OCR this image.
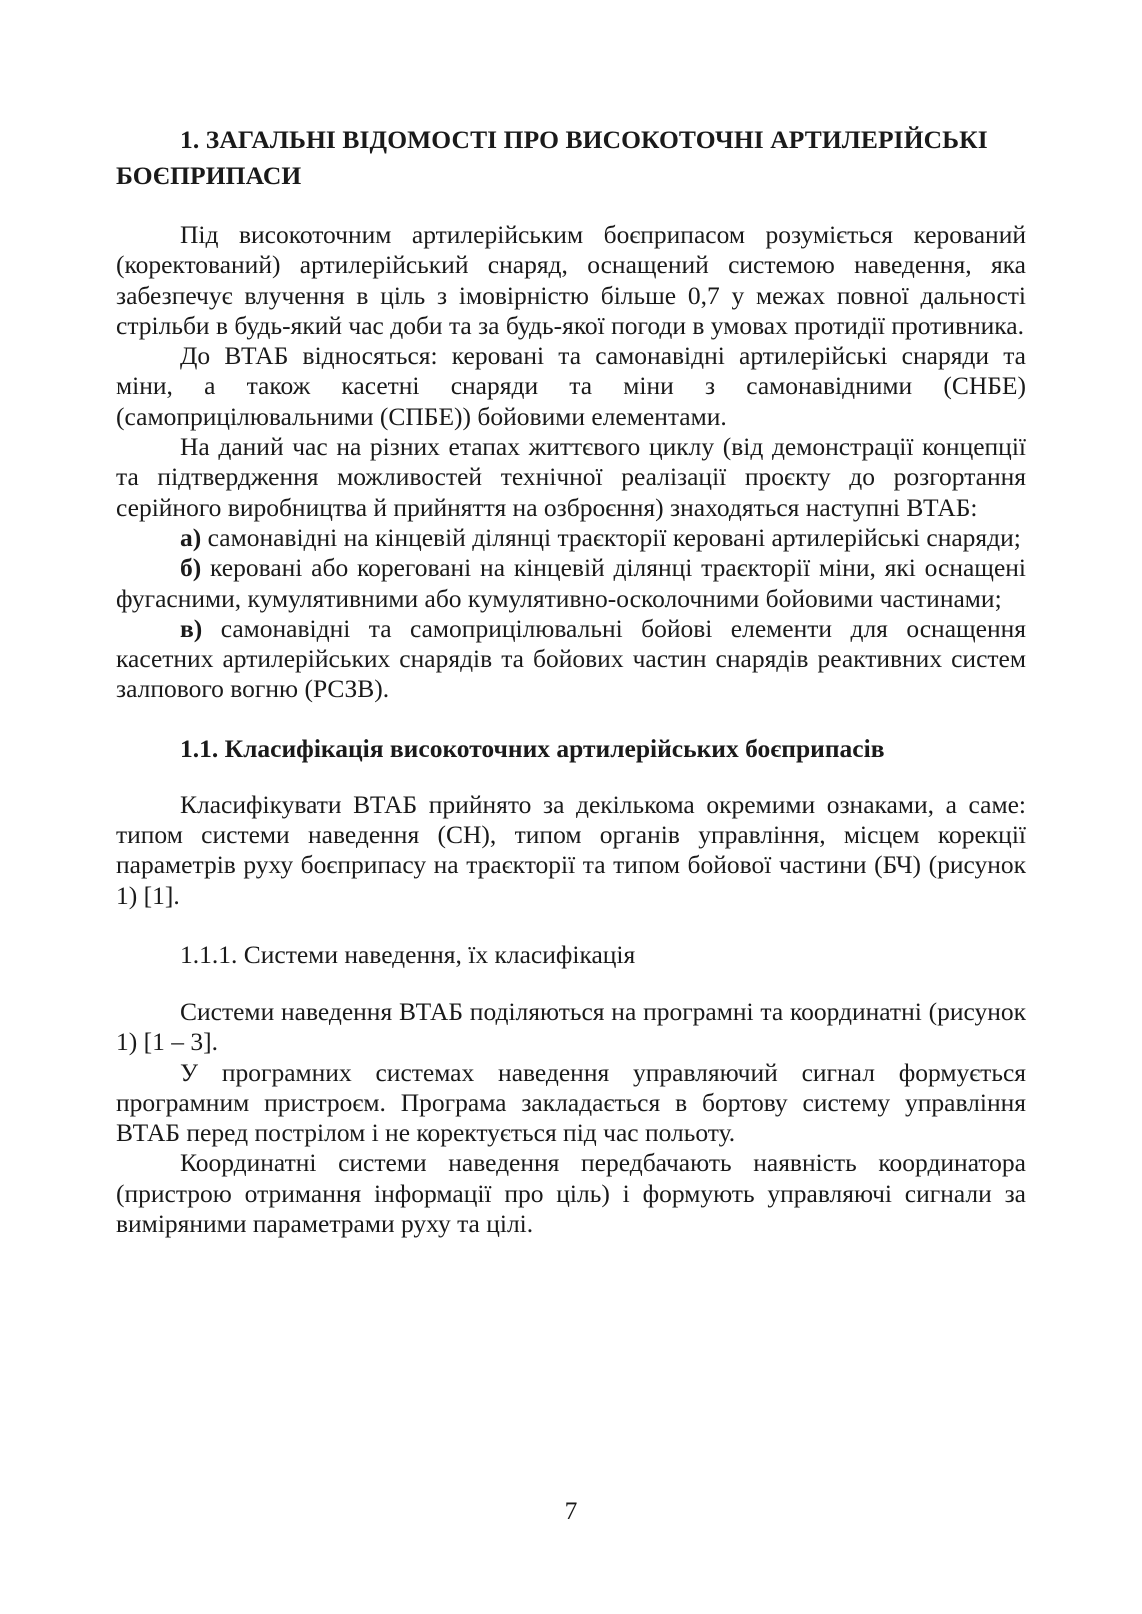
1. ЗАГАЛЬНІ ВІДОМОСТІ ПРО ВИСОКОТОЧНІ АРТИЛЕРІЙСЬКІ
БОЄПРИПАСИ

Під високоточним артилерійським боєприпасом розуміється керований (коректований) артилерійський снаряд, оснащений системою наведення, яка забезпечує влучення в ціль з імовірністю більше 0,7 у межах повної дальності стрільби в будь-який час доби та за будь-якої погоди в умовах протидії противника.

До ВТАБ відносяться: керовані та самонавідні артилерійські снаряди та міни, а також касетні снаряди та міни з самонавідними (СНБЕ) (самоприцілювальними (СПБЕ)) бойовими елементами.

На даний час на різних етапах життєвого циклу (від демонстрації концепції та підтвердження можливостей технічної реалізації проєкту до розгортання серійного виробництва й прийняття на озброєння) знаходяться наступні ВТАБ:

а) самонавідні на кінцевій ділянці траєкторії керовані артилерійські снаряди;

б) керовані або кореговані на кінцевій ділянці траєкторії міни, які оснащені фугасними, кумулятивними або кумулятивно-осколочними бойовими частинами;

в) самонавідні та самоприцілювальні бойові елементи для оснащення касетних артилерійських снарядів та бойових частин снарядів реактивних систем залпового вогню (РСЗВ).

1.1. Класифікація високоточних артилерійських боєприпасів

Класифікувати ВТАБ прийнято за декількома окремими ознаками, а саме: типом системи наведення (СН), типом органів управління, місцем корекції параметрів руху боєприпасу на траєкторії та типом бойової частини (БЧ) (рисунок 1) [1].

1.1.1. Системи наведення, їх класифікація

Системи наведення ВТАБ поділяються на програмні та координатні (рисунок 1) [1 – 3].

У програмних системах наведення управляючий сигнал формується програмним пристроєм. Програма закладається в бортову систему управління ВТАБ перед пострілом і не коректується під час польоту.

Координатні системи наведення передбачають наявність координатора (пристрою отримання інформації про ціль) і формують управляючі сигнали за виміряними параметрами руху та цілі.

7
